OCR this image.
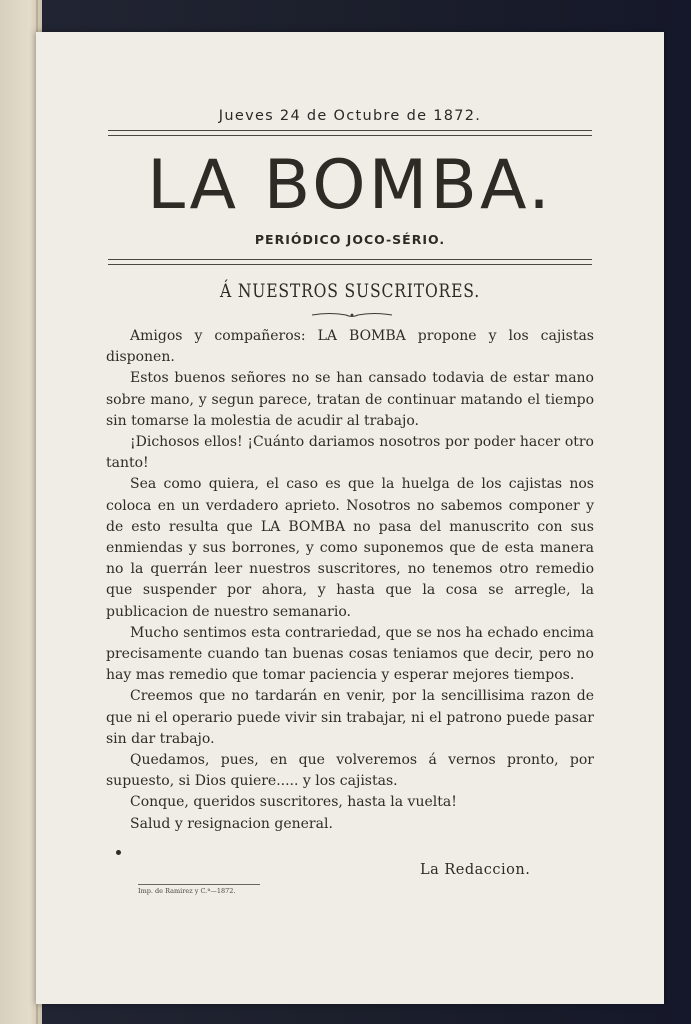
Jueves 24 de Octubre de 1872.
LA BOMBA.
PERIÓDICO JOCO-SÉRIO.
Á NUESTROS SUSCRITORES.

Amigos y compañeros: LA BOMBA propone y los cajistas disponen.

Estos buenos señores no se han cansado todavia de estar mano sobre mano, y segun parece, tratan de continuar matando el tiempo sin tomarse la molestia de acudir al trabajo.

¡Dichosos ellos! ¡Cuánto dariamos nosotros por poder hacer otro tanto!

Sea como quiera, el caso es que la huelga de los cajistas nos coloca en un verdadero aprieto. Nosotros no sabemos componer y de esto resulta que LA BOMBA no pasa del manuscrito con sus enmiendas y sus borrones, y como suponemos que de esta manera no la querrán leer nuestros suscritores, no tenemos otro remedio que suspender por ahora, y hasta que la cosa se arregle, la publicacion de nuestro semanario.

Mucho sentimos esta contrariedad, que se nos ha echado encima precisamente cuando tan buenas cosas teniamos que decir, pero no hay mas remedio que tomar paciencia y esperar mejores tiempos.

Creemos que no tardarán en venir, por la sencillisima razon de que ni el operario puede vivir sin trabajar, ni el patrono puede pasar sin dar trabajo.

Quedamos, pues, en que volveremos á vernos pronto, por supuesto, si Dios quiere..... y los cajistas.

Conque, queridos suscritores, hasta la vuelta!

Salud y resignacion general.

La Redaccion.
Imp. de Ramirez y C.ª—1872.
